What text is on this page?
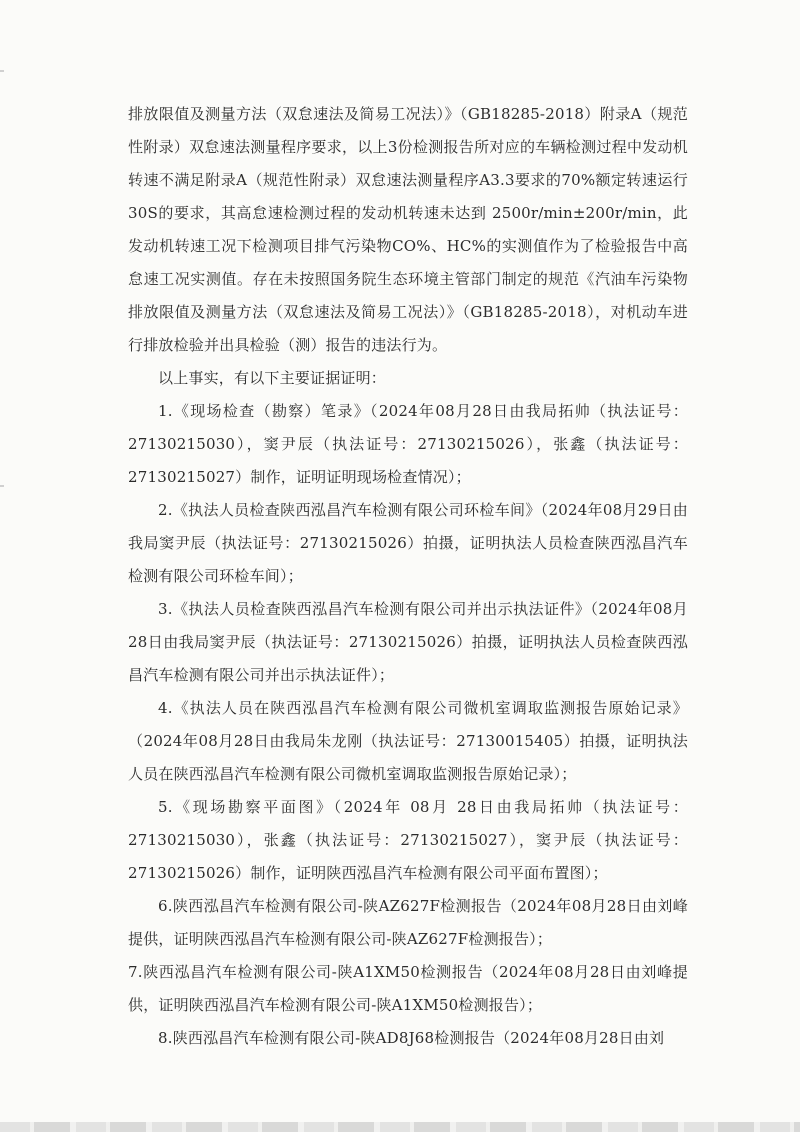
排放限值及测量方法（双怠速法及简易工况法）》（GB18285-2018）附录A（规范性附录）双怠速法测量程序要求，以上3份检测报告所对应的车辆检测过程中发动机转速不满足附录A（规范性附录）双怠速法测量程序A3.3要求的70%额定转速运行 30S的要求，其高怠速检测过程的发动机转速未达到 2500r/min±200r/min，此发动机转速工况下检测项目排气污染物CO%、HC%的实测值作为了检验报告中高怠速工况实测值。存在未按照国务院生态环境主管部门制定的规范《汽油车污染物排放限值及测量方法（双怠速法及简易工况法）》（GB18285-2018），对机动车进行排放检验并出具检验（测）报告的违法行为。

以上事实，有以下主要证据证明：

1.《现场检查（勘察）笔录》（2024年08月28日由我局拓帅（执法证号：27130215030），窦尹辰（执法证号：27130215026），张鑫（执法证号：27130215027）制作，证明证明现场检查情况）；

2.《执法人员检查陕西泓昌汽车检测有限公司环检车间》（2024年08月29日由我局窦尹辰（执法证号：27130215026）拍摄，证明执法人员检查陕西泓昌汽车检测有限公司环检车间）；

3.《执法人员检查陕西泓昌汽车检测有限公司并出示执法证件》（2024年08月28日由我局窦尹辰（执法证号：27130215026）拍摄，证明执法人员检查陕西泓昌汽车检测有限公司并出示执法证件）；

4.《执法人员在陕西泓昌汽车检测有限公司微机室调取监测报告原始记录》（2024年08月28日由我局朱龙刚（执法证号：27130015405）拍摄，证明执法人员在陕西泓昌汽车检测有限公司微机室调取监测报告原始记录）；

5.《现场勘察平面图》（2024年 08月 28日由我局拓帅（执法证号：27130215030），张鑫（执法证号：27130215027），窦尹辰（执法证号：27130215026）制作，证明陕西泓昌汽车检测有限公司平面布置图）；

6.陕西泓昌汽车检测有限公司-陕AZ627F检测报告（2024年08月28日由刘峰提供，证明陕西泓昌汽车检测有限公司-陕AZ627F检测报告）；

7.陕西泓昌汽车检测有限公司-陕A1XM50检测报告（2024年08月28日由刘峰提供，证明陕西泓昌汽车检测有限公司-陕A1XM50检测报告）；

8.陕西泓昌汽车检测有限公司-陕AD8J68检测报告（2024年08月28日由刘
